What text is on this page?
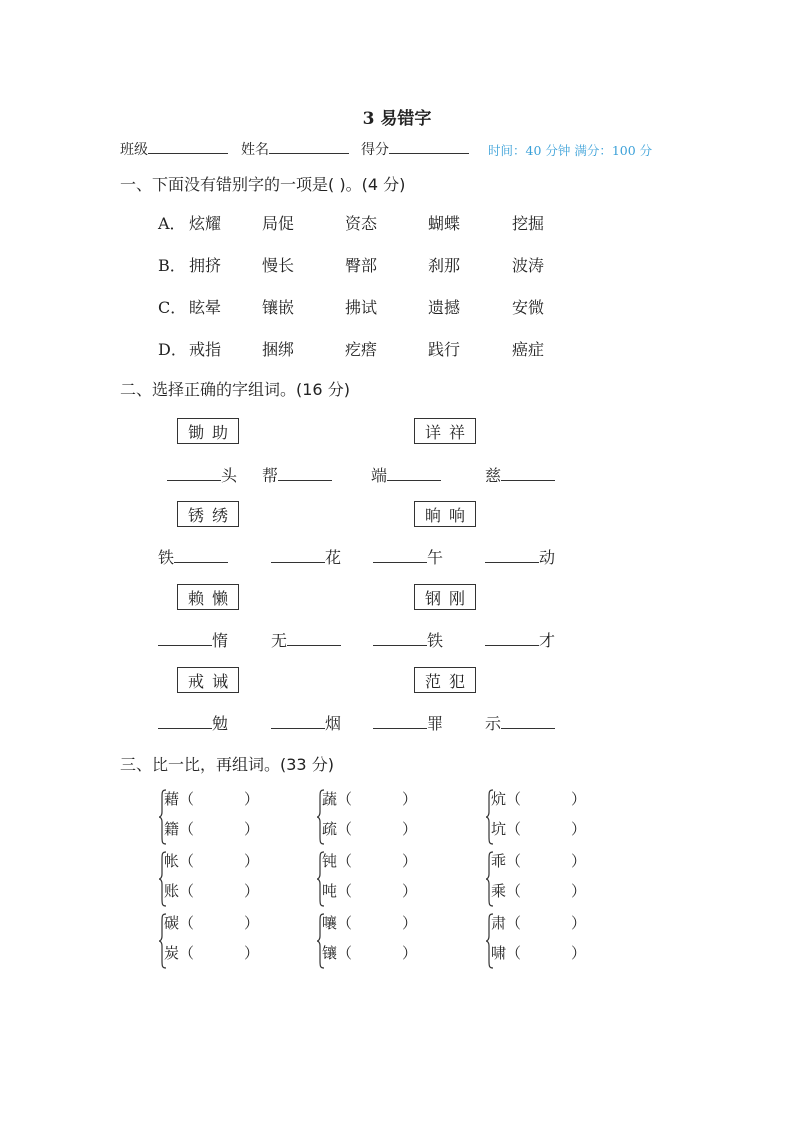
3 易错字
班级	姓名	得分	时间：40 分钟 满分：100 分
一、下面没有错别字的一项是( )。(4 分)
A． 炫耀	局促	资态	蝴蝶	挖掘
B． 拥挤	慢长	臀部	刹那	波涛
C． 眩晕	镶嵌	拂试	遗撼	安微
D． 戒指	捆绑	疙瘩	践行	癌症
二、选择正确的字组词。(16 分)
锄 助	详 祥
锈 绣	晌 响
赖 懒	钢 刚
戒 诫	范 犯
头 帮	端	慈
铁	花	午	动
惰	无	铁	才
勉	烟	罪	示
三、比一比，再组词。(33 分)
藉（	）
籍（	）
蔬（	）
疏（	）
炕（	）
坑（	）
帐（	）
账（	）
钝（	）
吨（	）
乖（	）
乘（	）
碳（	）
炭（	）
嚷（	）
镶（	）
肃（	）
啸（	）
